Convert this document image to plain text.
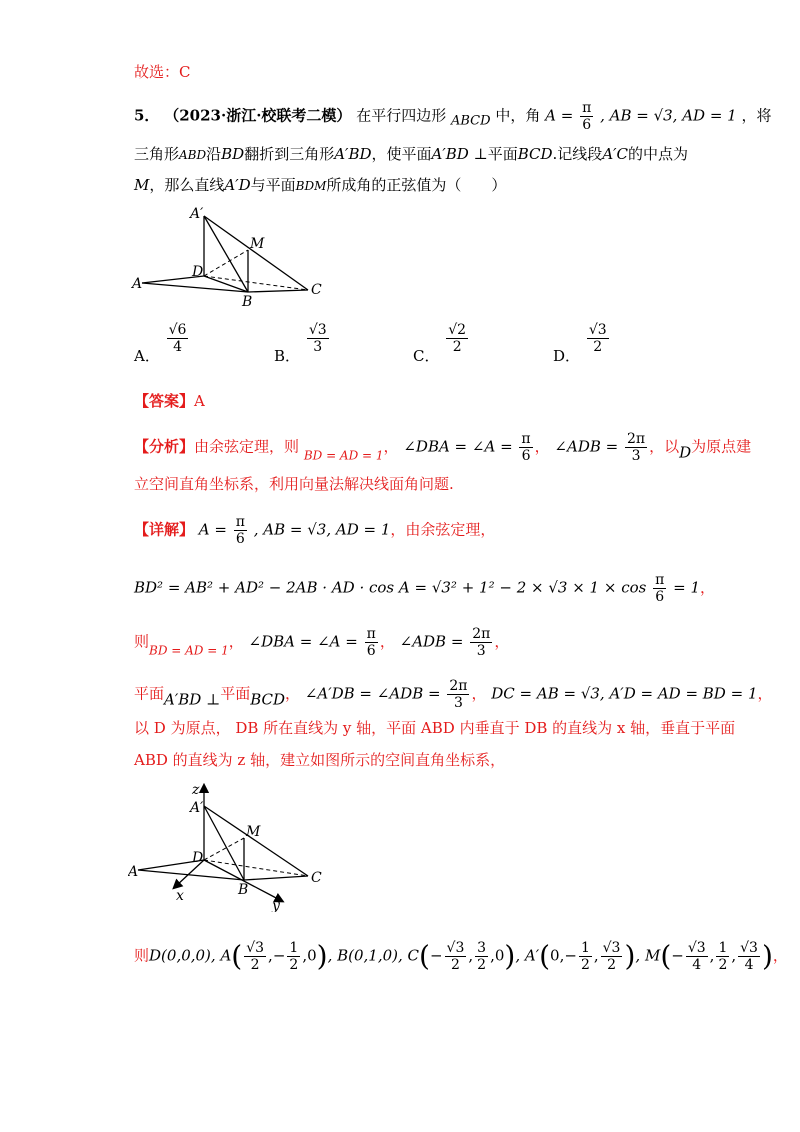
故选：C
5． （2023·浙江·校联考二模） 在平行四边形 ABCD 中，角 $A = \frac{\pi}{6}$ , AB = √3, AD = 1 ，将
三角形ABD沿BD翻折到三角形A′BD，使平面A′BD ⊥平面BCD.记线段A′C的中点为
M，那么直线A′D与平面BDM所成角的正弦值为（　　）
A′
M
D
A
B
C
A．
$\frac{√6}{4}$
B．
$\frac{√3}{3}$
C．
$\frac{√2}{2}$
D．
$\frac{√3}{2}$
【答案】A
【分析】由余弦定理，则 $_{BD = AD = 1}$， ∠DBA = ∠A = $\frac{\pi}{6}$ ， ∠ADB = $\frac{2\pi}{3}$ ，以D为原点建
立空间直角坐标系，利用向量法解决线面角问题.
【详解】 $A = \frac{\pi}{6}$ , AB = √3, AD = 1，由余弦定理，
BD² = AB² + AD² − 2AB · AD · $\cos A = √3^2 + 1^2 - 2 \times √3 \times 1 \times \cos \frac{\pi}{6} = 1$，
则$_{BD = AD = 1}$， ∠DBA = ∠A = $\frac{\pi}{6}$ ， ∠ADB = $\frac{2\pi}{3}$ ，
平面A′BD ⊥平面BCD， ∠A′DB = ∠ADB = $\frac{2\pi}{3}$ ， DC = AB = √3, A′D = AD = BD = 1，
以 D 为原点， DB 所在直线为 y 轴，平面 ABD 内垂直于 DB 的直线为 x 轴，垂直于平面
ABD 的直线为 z 轴，建立如图所示的空间直角坐标系，
z
A′
M
D
A
B
C
x
y
则D(0,0,0), $A( \frac{√3}{2}$ ,− $\frac{1}{2} ,0$), B(0,1,0), $C(- \frac{√3}{2}$ , $\frac{3}{2} ,0$), $A'(0,- \frac{1}{2}$ , $\frac{√3}{2}$ ), $M(- \frac{√3}{4}$ , $\frac{1}{2}$ , $\frac{√3}{4}$ )，
